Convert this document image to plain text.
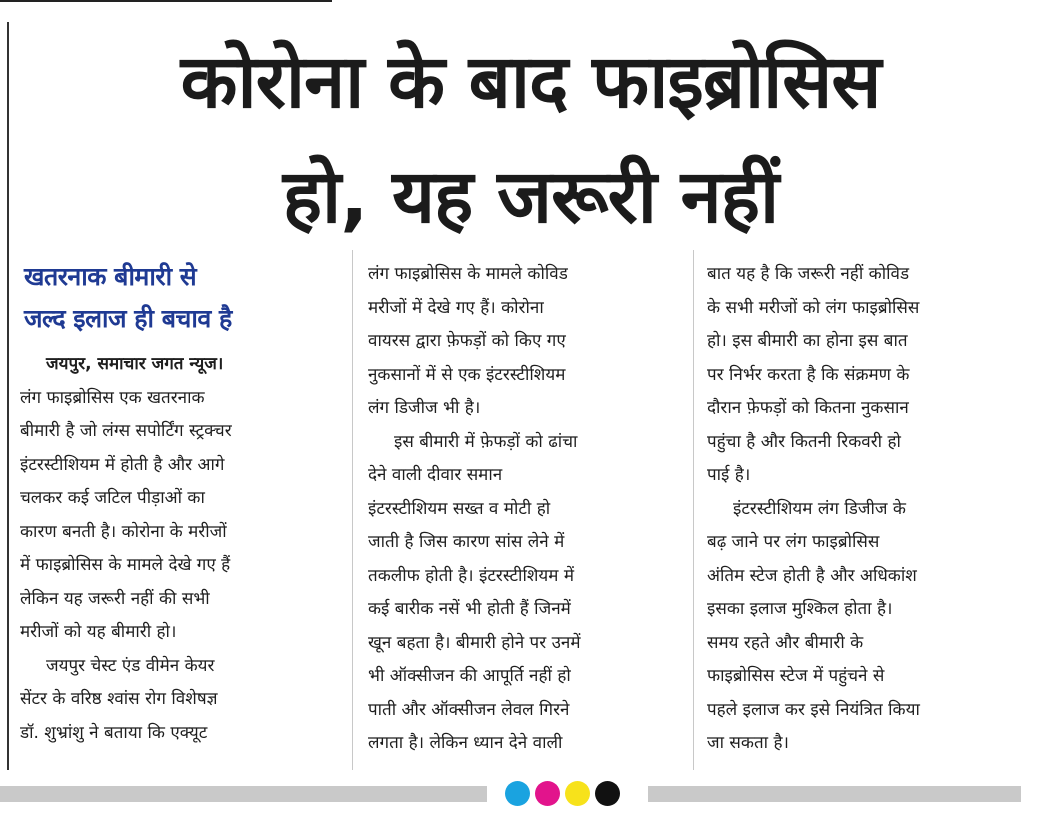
कोरोना के बाद फाइब्रोसिस
हो, यह जरूरी नहीं
खतरनाक बीमारी से
जल्द इलाज ही बचाव है
जयपुर, समाचार जगत न्यूज।
लंग फाइब्रोसिस एक खतरनाक
बीमारी है जो लंग्स सपोर्टिंग स्ट्रक्चर
इंटरस्टीशियम में होती है और आगे
चलकर कई जटिल पीड़ाओं का
कारण बनती है। कोरोना के मरीजों
में फाइब्रोसिस के मामले देखे गए हैं
लेकिन यह जरूरी नहीं की सभी
मरीजों को यह बीमारी हो।
जयपुर चेस्ट एंड वीमेन केयर
सेंटर के वरिष्ठ श्वांस रोग विशेषज्ञ
डॉ. शुभ्रांशु ने बताया कि एक्यूट
लंग फाइब्रोसिस के मामले कोविड
मरीजों में देखे गए हैं। कोरोना
वायरस द्वारा फ़ेफड़ों को किए गए
नुकसानों में से एक इंटरस्टीशियम
लंग डिजीज भी है।
इस बीमारी में फ़ेफड़ों को ढांचा
देने वाली दीवार समान
इंटरस्टीशियम सख्त व मोटी हो
जाती है जिस कारण सांस लेने में
तकलीफ होती है। इंटरस्टीशियम में
कई बारीक नसें भी होती हैं जिनमें
खून बहता है। बीमारी होने पर उनमें
भी ऑक्सीजन की आपूर्ति नहीं हो
पाती और ऑक्सीजन लेवल गिरने
लगता है। लेकिन ध्यान देने वाली
बात यह है कि जरूरी नहीं कोविड
के सभी मरीजों को लंग फाइब्रोसिस
हो। इस बीमारी का होना इस बात
पर निर्भर करता है कि संक्रमण के
दौरान फ़ेफड़ों को कितना नुकसान
पहुंचा है और कितनी रिकवरी हो
पाई है।
इंटरस्टीशियम लंग डिजीज के
बढ़ जाने पर लंग फाइब्रोसिस
अंतिम स्टेज होती है और अधिकांश
इसका इलाज मुश्किल होता है।
समय रहते और बीमारी के
फाइब्रोसिस स्टेज में पहुंचने से
पहले इलाज कर इसे नियंत्रित किया
जा सकता है।
